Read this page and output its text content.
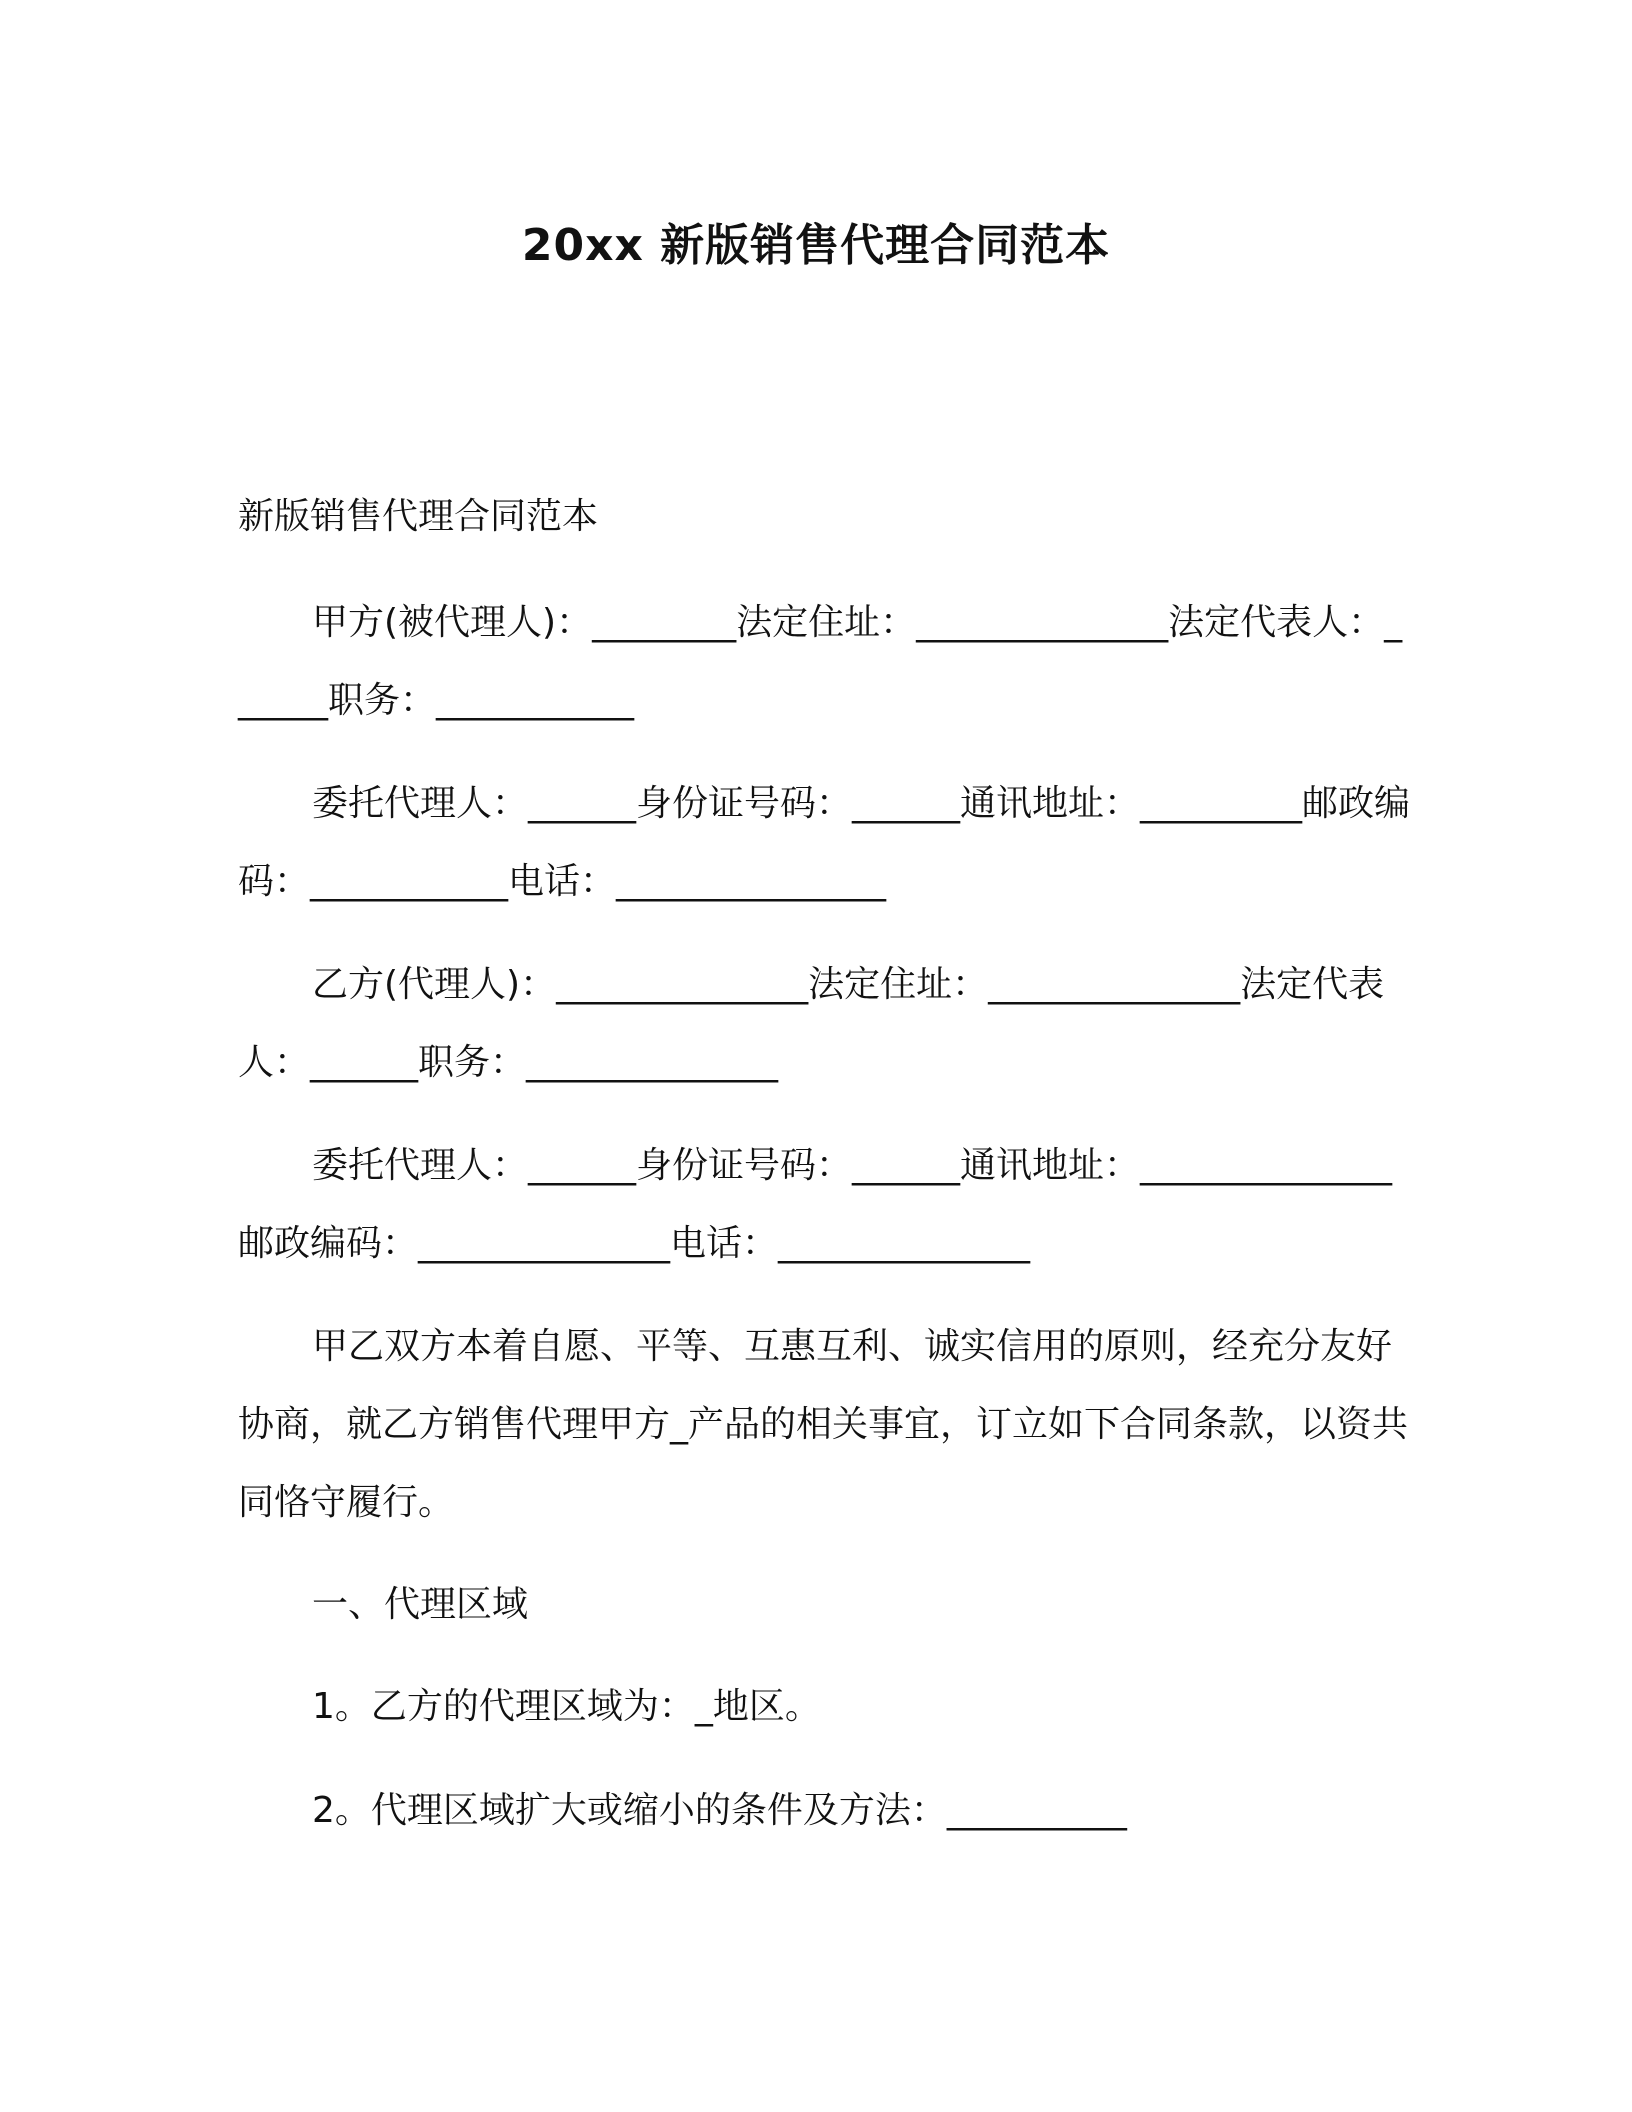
20xx 新版销售代理合同范本

新版销售代理合同范本

甲方(被代理人)：________法定住址：______________法定代表人：______职务：___________

委托代理人：______身份证号码：______通讯地址：_________邮政编码：___________电话：_______________

乙方(代理人)：______________法定住址：______________法定代表人：______职务：______________

委托代理人：______身份证号码：______通讯地址：______________邮政编码：______________电话：______________

甲乙双方本着自愿、平等、互惠互利、诚实信用的原则，经充分友好协商，就乙方销售代理甲方_产品的相关事宜，订立如下合同条款，以资共同恪守履行。

一、代理区域

1。乙方的代理区域为：_地区。

2。代理区域扩大或缩小的条件及方法：__________
